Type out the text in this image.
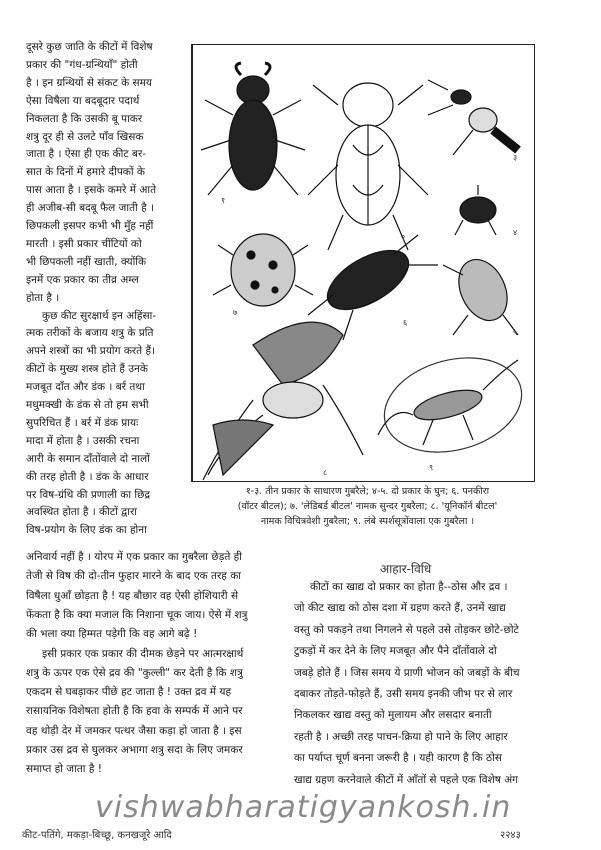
दूसरे कुछ जाति के कीटों में विशेष
प्रकार की "गंध-ग्रन्थियाँ" होती
है । इन ग्रन्थियों से संकट के समय
ऐसा विषैला या बदबूदार पदार्थ
निकलता है कि उसकी बू पाकर
शत्रु दूर ही से उलटे पाँव खिसक
जाता है । ऐसा ही एक कीट बर-
सात के दिनों में हमारे दीपकों के
पास आता है । इसके कमरे में आते
ही अजीब-सी बदबू फैल जाती है ।
छिपकली इसपर कभी भी मुँह नहीं
मारती । इसी प्रकार चींटियों को
भी छिपकली नहीं खाती, क्योंकि
इनमें एक प्रकार का तीव्र अम्ल
होता है ।
कुछ कीट सुरक्षार्थ इन अहिंसा-
त्मक तरीकों के बजाय शत्रु के प्रति
अपने शस्त्रों का भी प्रयोग करते हैं।
कीटों के मुख्य शस्त्र होते हैं उनके
मजबूत दाँत और डंक । बर्र तथा
मधुमक्खी के डंक से तो हम सभी
सुपरिचित हैं । बर्र में डंक प्रायः
मादा में होता है । उसकी रचना
आरी के समान दाँतोंवाले दो नालों
की तरह होती है । डंक के आधार
पर विष-ग्रंथि की प्रणाली का छिद्र
अवस्थित होता है । कीटों द्वारा
विष-प्रयोग के लिए डंक का होना
अनिवार्य नहीं है । योरप में एक प्रकार का गुबरैला छेड़ते ही
तेजी से विष की दो-तीन फुहार मारने के बाद एक तरह का
विषैला धुआँ छोड़ता है ! यह बौछार वह ऐसी होशियारी से
फेंकता है कि क्या मजाल कि निशाना चूक जाय। ऐसे में शत्रु
की भला क्या हिम्मत पड़ेगी कि वह आगे बढ़े !
इसी प्रकार एक प्रकार की दीमक छेड़ने पर आत्मरक्षार्थ
शत्रु के ऊपर एक ऐसे द्रव की "कुल्ली" कर देती है कि शत्रु
एकदम से घबड़ाकर पीछे हट जाता है ! उक्त द्रव में यह
रासायनिक विशेषता होती है कि हवा के सम्पर्क में आने पर
वह थोड़ी देर में जमकर पत्थर जैसा कड़ा हो जाता है । इस
प्रकार उस द्रव से घुलकर अभागा शत्रु सदा के लिए जमकर
समाप्त हो जाता है !
कीटों का खाद्य दो प्रकार का होता है--ठोस और द्रव ।
जो कीट खाद्य को ठोस दशा में ग्रहण करते हैं, उनमें खाद्य
वस्तु को पकड़ने तथा निगलने से पहले उसे तोड़कर छोटे-छोटे
टुकड़ों में कर देने के लिए मजबूत और पैने दाँतोंवाले दो
जबड़े होते हैं । जिस समय ये प्राणी भोजन को जबड़ों के बीच
दबाकर तोड़ते-फोड़ते हैं, उसी समय इनकी जीभ पर से लार
निकलकर खाद्य वस्तु को मुलायम और लसदार बनाती
रहती है । अच्छी तरह पाचन-क्रिया हो पाने के लिए आहार
का पर्याप्त चूर्ण बनना जरूरी है । यही कारण है कि ठोस
खाद्य ग्रहण करनेवाले कीटों में आँतों से पहले एक विशेष अंग
१
२
३
४
५
६
७
८
९
१-३. तीन प्रकार के साधारण गुबरैले; ४-५. दो प्रकार के घुन; ६. पनकीरा
(वॉटर बीटल); ७. 'लेडिबर्ड बीटल' नामक सुन्दर गुबरैला; ८. 'यूनिकॉर्न बीटल'
नामक विचित्रवेशी गुबरैला; ९. लंबे स्पर्शसूत्रोंवाला एक गुबरैला ।
आहार-विधि
vishwabharatigyankosh.in
कीट-पतिंगे, मकड़ा-बिच्छू, कनखजूरे आदि	२२४३
